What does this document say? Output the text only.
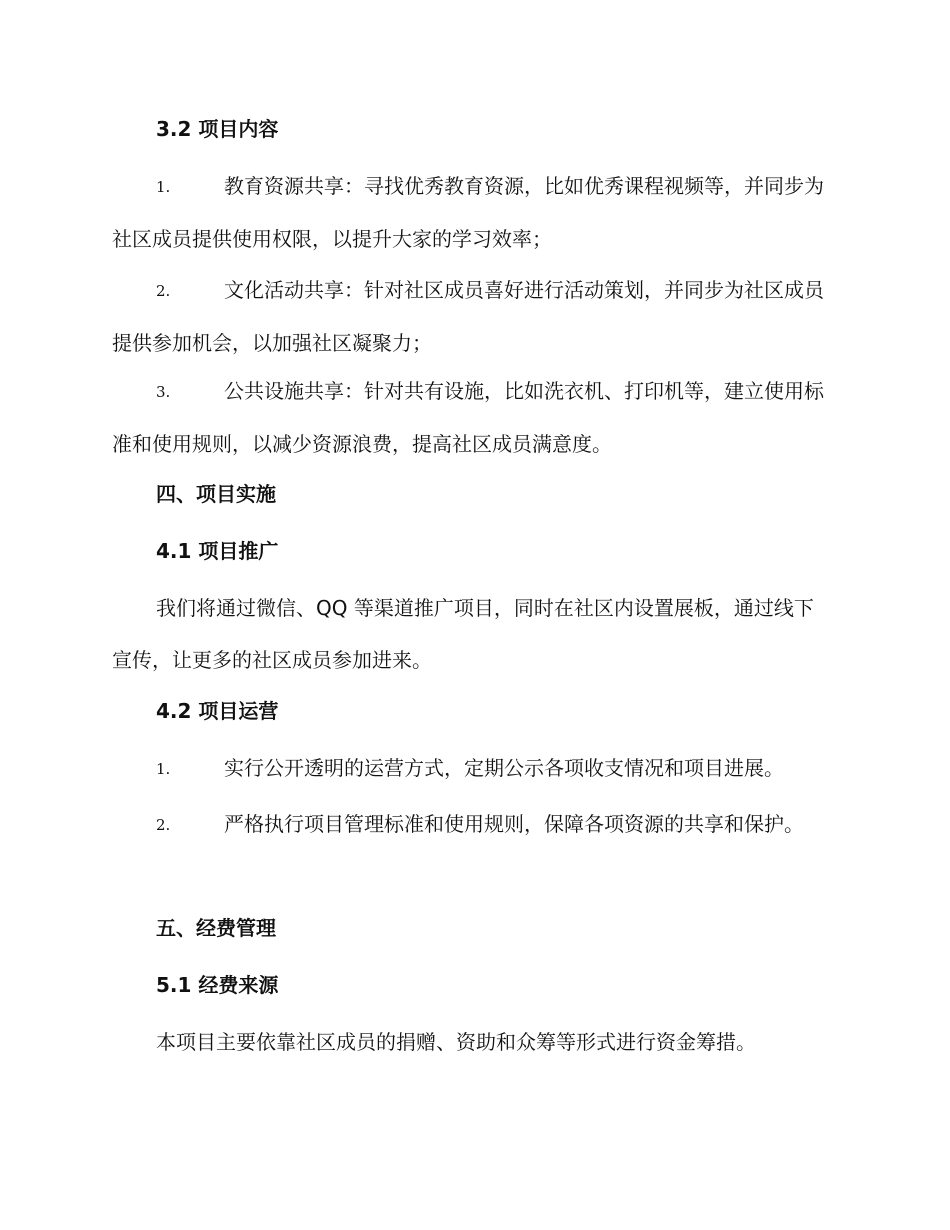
3.2 项目内容
1.	教育资源共享：寻找优秀教育资源，比如优秀课程视频等，并同步为社区成员提供使用权限，以提升大家的学习效率；
2.	文化活动共享：针对社区成员喜好进行活动策划，并同步为社区成员提供参加机会，以加强社区凝聚力；
3.	公共设施共享：针对共有设施，比如洗衣机、打印机等，建立使用标准和使用规则，以减少资源浪费，提高社区成员满意度。
四、项目实施
4.1 项目推广
我们将通过微信、QQ 等渠道推广项目，同时在社区内设置展板，通过线下宣传，让更多的社区成员参加进来。
4.2 项目运营
1.	实行公开透明的运营方式，定期公示各项收支情况和项目进展。
2.	严格执行项目管理标准和使用规则，保障各项资源的共享和保护。
五、经费管理
5.1 经费来源
本项目主要依靠社区成员的捐赠、资助和众筹等形式进行资金筹措。
